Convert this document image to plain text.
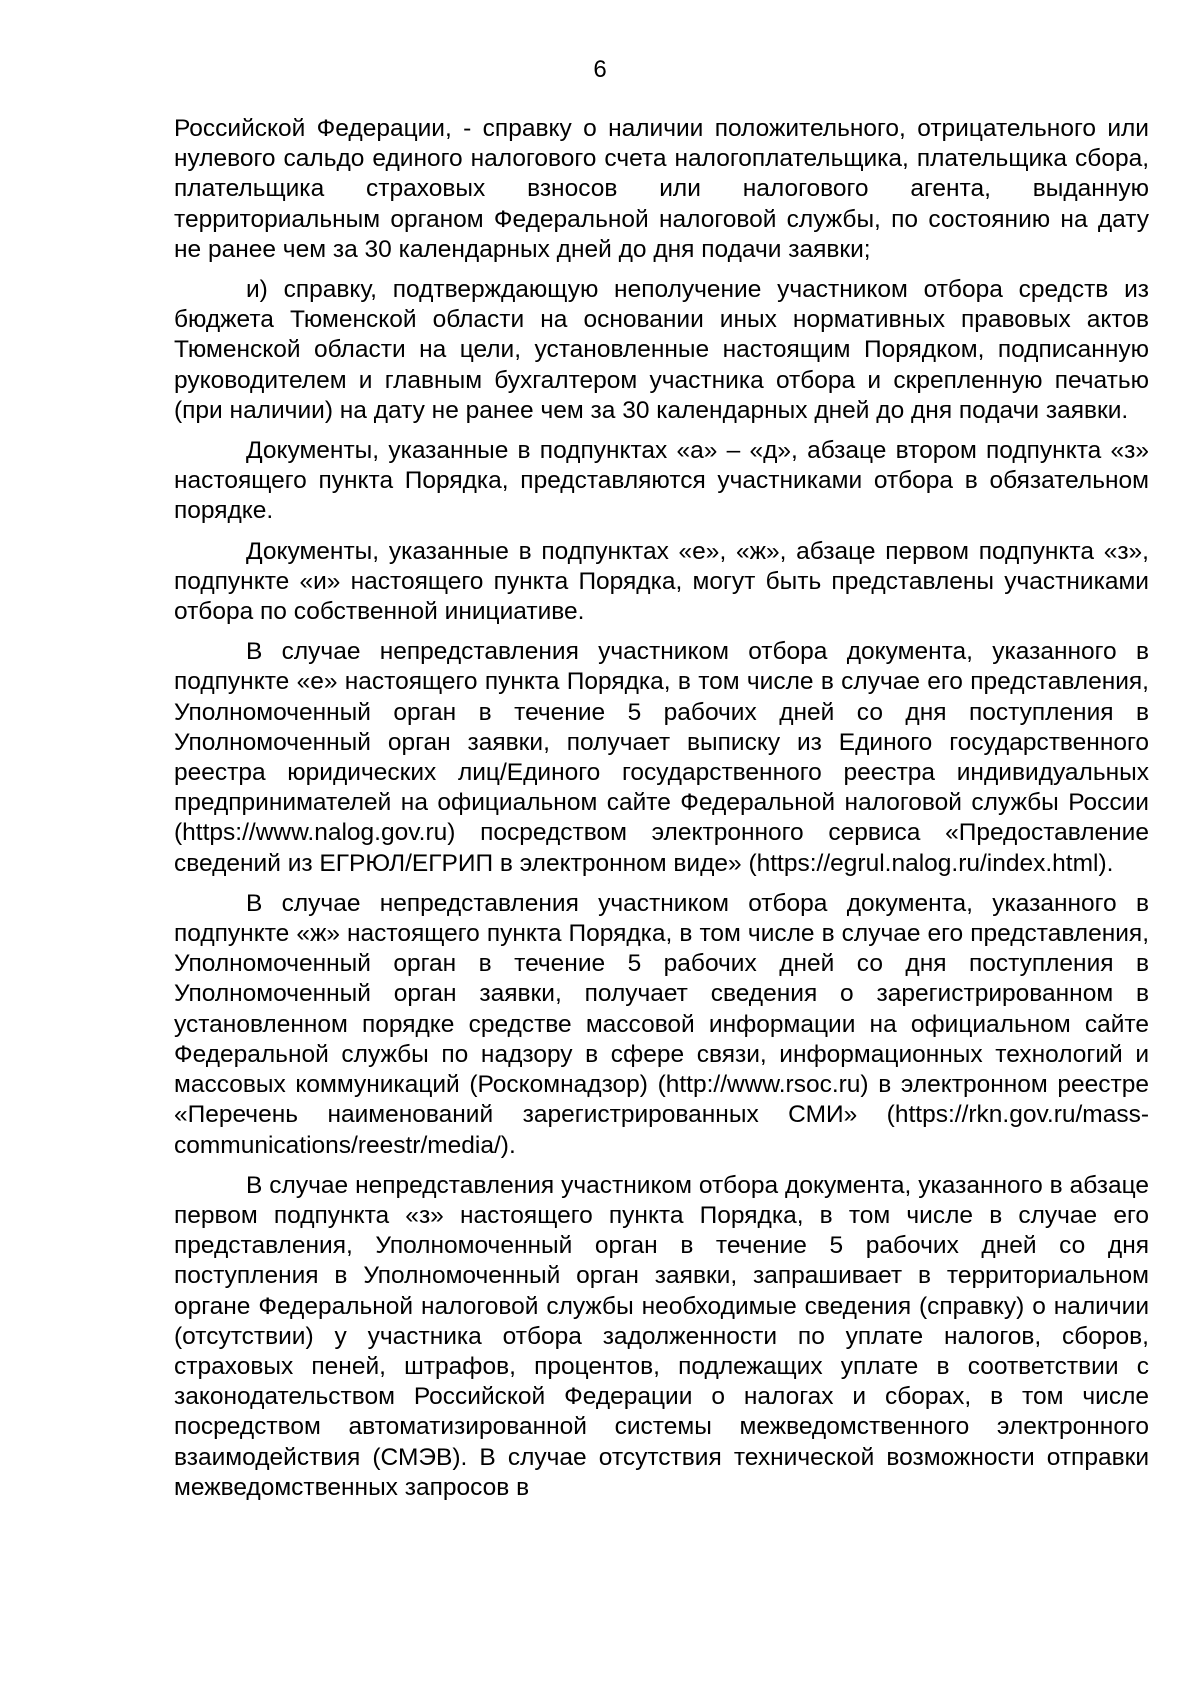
6

Российской Федерации, - справку о наличии положительного, отрицательного или нулевого сальдо единого налогового счета налогоплательщика, плательщика сбора, плательщика страховых взносов или налогового агента, выданную территориальным органом Федеральной налоговой службы, по состоянию на дату не ранее чем за 30 календарных дней до дня подачи заявки;

и) справку, подтверждающую неполучение участником отбора средств из бюджета Тюменской области на основании иных нормативных правовых актов Тюменской области на цели, установленные настоящим Порядком, подписанную руководителем и главным бухгалтером участника отбора и скрепленную печатью (при наличии) на дату не ранее чем за 30 календарных дней до дня подачи заявки.

Документы, указанные в подпунктах «а» – «д», абзаце втором подпункта «з» настоящего пункта Порядка, представляются участниками отбора в обязательном порядке.

Документы, указанные в подпунктах «е», «ж», абзаце первом подпункта «з», подпункте «и» настоящего пункта Порядка, могут быть представлены участниками отбора по собственной инициативе.

В случае непредставления участником отбора документа, указанного в подпункте «е» настоящего пункта Порядка, в том числе в случае его представления, Уполномоченный орган в течение 5 рабочих дней со дня поступления в Уполномоченный орган заявки, получает выписку из Единого государственного реестра юридических лиц/Единого государственного реестра индивидуальных предпринимателей на официальном сайте Федеральной налоговой службы России (https://www.nalog.gov.ru) посредством электронного сервиса «Предоставление сведений из ЕГРЮЛ/ЕГРИП в электронном виде» (https://egrul.nalog.ru/index.html).

В случае непредставления участником отбора документа, указанного в подпункте «ж» настоящего пункта Порядка, в том числе в случае его представления, Уполномоченный орган в течение 5 рабочих дней со дня поступления в Уполномоченный орган заявки, получает сведения о зарегистрированном в установленном порядке средстве массовой информации на официальном сайте Федеральной службы по надзору в сфере связи, информационных технологий и массовых коммуникаций (Роскомнадзор) (http://www.rsoc.ru) в электронном реестре «Перечень наименований зарегистрированных СМИ» (https://rkn.gov.ru/mass-communications/reestr/media/).

В случае непредставления участником отбора документа, указанного в абзаце первом подпункта «з» настоящего пункта Порядка, в том числе в случае его представления, Уполномоченный орган в течение 5 рабочих дней со дня поступления в Уполномоченный орган заявки, запрашивает в территориальном органе Федеральной налоговой службы необходимые сведения (справку) о наличии (отсутствии) у участника отбора задолженности по уплате налогов, сборов, страховых пеней, штрафов, процентов, подлежащих уплате в соответствии с законодательством Российской Федерации о налогах и сборах, в том числе посредством автоматизированной системы межведомственного электронного взаимодействия (СМЭВ). В случае отсутствия технической возможности отправки межведомственных запросов в
